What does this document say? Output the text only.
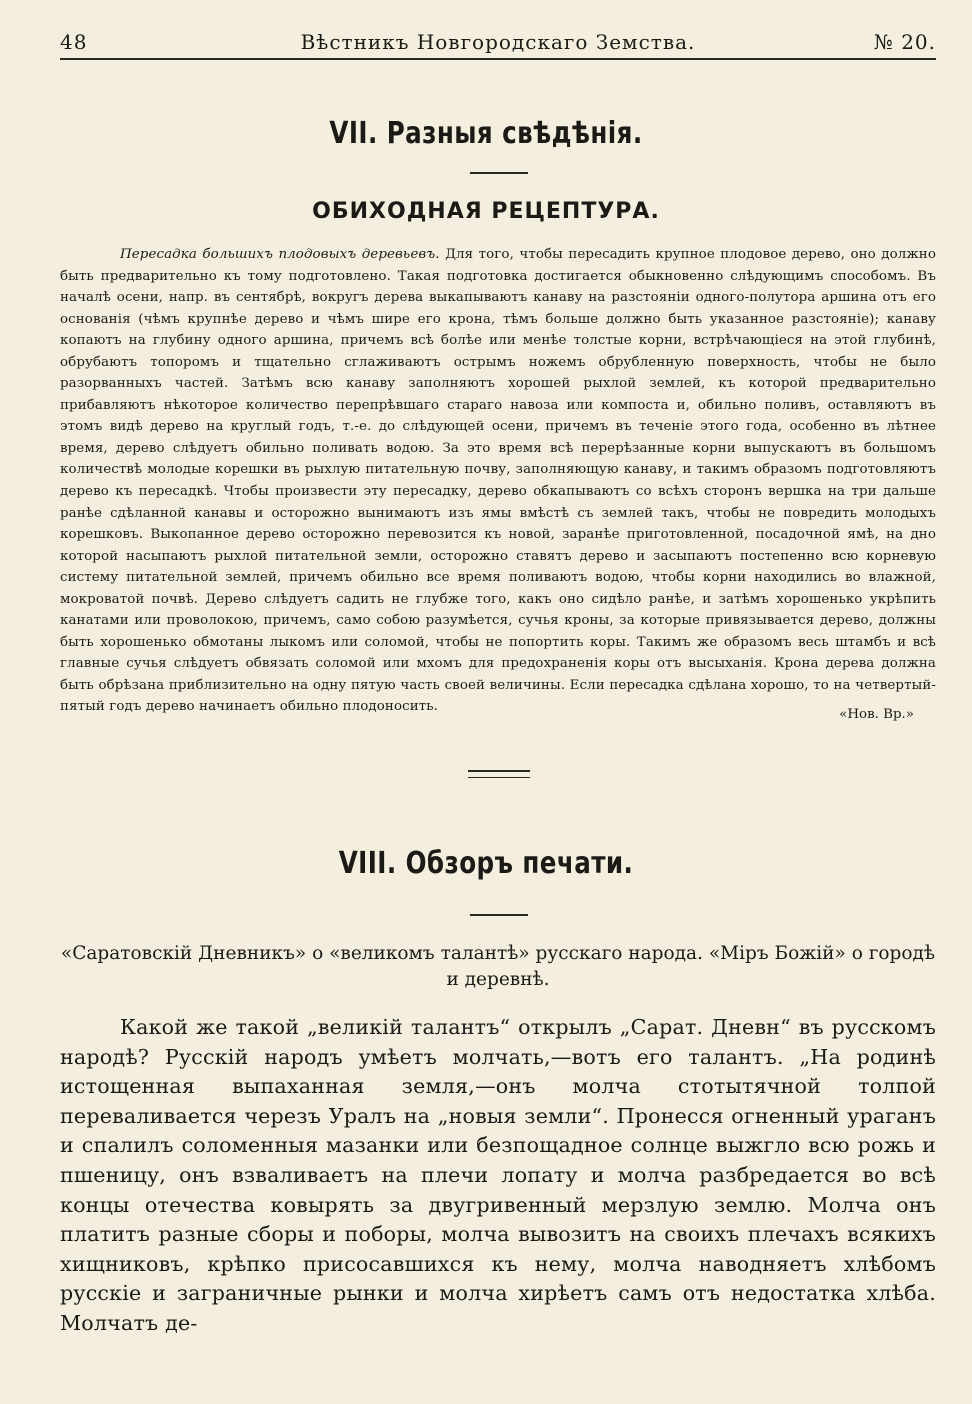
48	Вѣстникъ Новгородскаго Земства.	№ 20.
VII. Разныя свѣдѣнія.
ОБИХОДНАЯ РЕЦЕПТУРА.
Пересадка большихъ плодовыхъ деревьевъ. Для того, чтобы пересадить крупное плодовое дерево, оно должно быть предварительно къ тому подготовлено. Такая подготовка достигается обыкновенно слѣдующимъ способомъ. Въ началѣ осени, напр. въ сентябрѣ, вокругъ дерева выкапываютъ канаву на разстояніи одного-полутора аршина отъ его основанія (чѣмъ крупнѣе дерево и чѣмъ шире его крона, тѣмъ больше должно быть указанное разстояніе); канаву копаютъ на глубину одного аршина, причемъ всѣ болѣе или менѣе толстые корни, встрѣчающіеся на этой глубинѣ, обрубаютъ топоромъ и тщательно сглаживаютъ острымъ ножемъ обрубленную поверхность, чтобы не было разорванныхъ частей. Затѣмъ всю канаву заполняютъ хорошей рыхлой землей, къ которой предварительно прибавляютъ нѣкоторое количество перепрѣвшаго стараго навоза или компоста и, обильно поливъ, оставляютъ въ этомъ видѣ дерево на круглый годъ, т.-е. до слѣдующей осени, причемъ въ теченіе этого года, особенно въ лѣтнее время, дерево слѣдуетъ обильно поливать водою. За это время всѣ перерѣзанные корни выпускаютъ въ большомъ количествѣ молодые корешки въ рыхлую питательную почву, заполняющую канаву, и такимъ образомъ подготовляютъ дерево къ пересадкѣ. Чтобы произвести эту пересадку, дерево обкапываютъ со всѣхъ сторонъ вершка на три дальше ранѣе сдѣланной канавы и осторожно вынимаютъ изъ ямы вмѣстѣ съ землей такъ, чтобы не повредить молодыхъ корешковъ. Выкопанное дерево осторожно перевозится къ новой, заранѣе приготовленной, посадочной ямѣ, на дно которой насыпаютъ рыхлой питательной земли, осторожно ставятъ дерево и засыпаютъ постепенно всю корневую систему питательной землей, причемъ обильно все время поливаютъ водою, чтобы корни находились во влажной, мокроватой почвѣ. Дерево слѣдуетъ садить не глубже того, какъ оно сидѣло ранѣе, и затѣмъ хорошенько укрѣпить канатами или проволокою, причемъ, само собою разумѣется, сучья кроны, за которые привязывается дерево, должны быть хорошенько обмотаны лыкомъ или соломой, чтобы не попортить коры. Такимъ же образомъ весь штамбъ и всѣ главные сучья слѣдуетъ обвязать соломой или мхомъ для предохраненія коры отъ высыханія. Крона дерева должна быть обрѣзана приблизительно на одну пятую часть своей величины. Если пересадка сдѣлана хорошо, то на четвертый-пятый годъ дерево начинаетъ обильно плодоносить.
«Нов. Вр.»
VIII. Обзоръ печати.
«Саратовскій Дневникъ» о «великомъ талантѣ» русскаго народа. «Міръ Божій» о городѣ и деревнѣ.
Какой же такой „великій талантъ“ открылъ „Сарат. Дневн“ въ русскомъ народѣ? Русскій народъ умѣетъ молчать,—вотъ его талантъ. „На родинѣ истощенная выпаханная земля,—онъ молча стотытячной толпой переваливается черезъ Уралъ на „новыя земли“. Пронесся огненный ураганъ и спалилъ соломенныя мазанки или безпощадное солнце выжгло всю рожь и пшеницу, онъ взваливаетъ на плечи лопату и молча разбредается во всѣ концы отечества ковырять за двугривенный мерзлую землю. Молча онъ платитъ разные сборы и поборы, молча вывозитъ на своихъ плечахъ всякихъ хищниковъ, крѣпко присосавшихся къ нему, молча наводняетъ хлѣбомъ русскіе и заграничные рынки и молча хирѣетъ самъ отъ недостатка хлѣба. Молчатъ де-
